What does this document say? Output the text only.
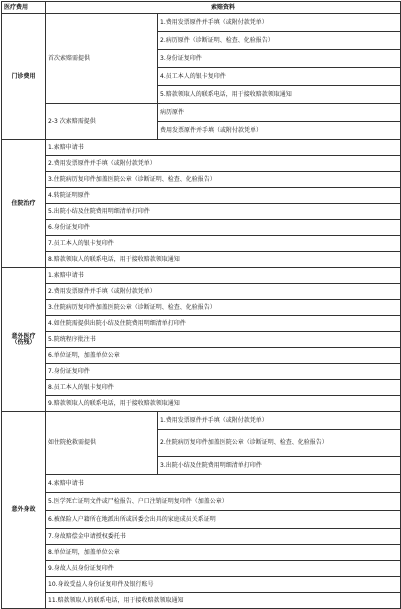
医疗费用	索赔资料	
门诊费用	首次索赔需提供	1.费用发票原件并手填（或附付款凭单）
		2.病历原件（诊断证明、检查、化验报告）
		3.身份证复印件
		4.员工本人的银卡复印件
		5.赔款领取人的联系电话，用于接收赔款领取通知
	2-3 次索赔需提供	病历原件
		费用发票原件并手填（或附付款凭单）
住院治疗	1.索赔申请书	
	2.费用发票原件并手填（或附付款凭单）	
	3.住院病历复印件加盖医院公章（诊断证明、检查、化验报告）	
	4.转院证明原件	
	5.出院小结及住院费用明细清单打印件	
	6.身份证复印件	
	7.员工本人的银卡复印件	
	8.赔款领取人的联系电话，用于接收赔款领取通知	

意外医疗
（伤残）	1.索赔申请书	
	2.费用发票原件并手填（或附付款凭单）	
	3.住院病历复印件加盖医院公章（诊断证明、检查、化验报告）	
	4.如住院需提供出院小结及住院费用明细清单打印件	
	5.院统程序批注书	
	6.单位证明，加盖单位公章	
	7.身份证复印件	
	8.员工本人的银卡复印件	
	9.赔款领取人的联系电话，用于接收赔款领取通知	
意外身故	如住院抢救需提供	1.费用发票原件并手填（或附付款凭单）
		2.住院病历复印件加盖医院公章（诊断证明、检查、化验报告）
		3.出院小结及住院费用明细清单打印件
	4.索赔申请书	
	5.医学死亡证明文件或尸检报告、户口注销证明复印件（加盖公章）	
	6.被保险人户籍所在地派出所或居委会出具的家庭成员关系证明	
	7.身故赔偿金申请授权委托书	
	8.单位证明，加盖单位公章	
	9.身故人员身份证复印件	
	10.身故受益人身份证复印件及银行账号	
	11.赔款领取人的联系电话，用于接收赔款领取通知	
